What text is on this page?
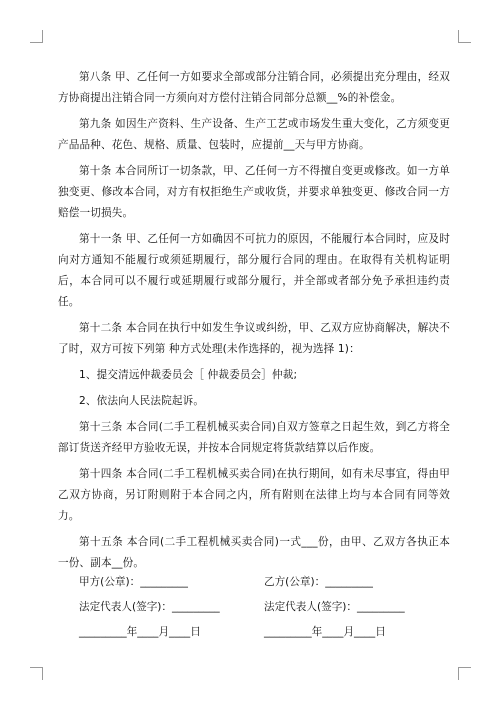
第八条 甲、乙任何一方如要求全部或部分注销合同，必须提出充分理由，经双方协商提出注销合同一方须向对方偿付注销合同部分总额__%的补偿金。

第九条 如因生产资料、生产设备、生产工艺或市场发生重大变化，乙方须变更产品品种、花色、规格、质量、包装时，应提前__天与甲方协商。

第十条 本合同所订一切条款，甲、乙任何一方不得擅自变更或修改。如一方单独变更、修改本合同，对方有权拒绝生产或收货，并要求单独变更、修改合同一方赔偿一切损失。

第十一条 甲、乙任何一方如确因不可抗力的原因，不能履行本合同时，应及时向对方通知不能履行或须延期履行，部分履行合同的理由。在取得有关机构证明后，本合同可以不履行或延期履行或部分履行，并全部或者部分免予承担违约责任。

第十二条 本合同在执行中如发生争议或纠纷，甲、乙双方应协商解决，解决不了时，双方可按下列第 种方式处理(未作选择的，视为选择 1)：

1、提交清远仲裁委员会［ 仲裁委员会］仲裁;

2、依法向人民法院起诉。

第十三条 本合同(二手工程机械买卖合同)自双方签章之日起生效，到乙方将全部订货送齐经甲方验收无误，并按本合同规定将货款结算以后作废。

第十四条 本合同(二手工程机械买卖合同)在执行期间，如有未尽事宜，得由甲乙双方协商，另订附则附于本合同之内，所有附则在法律上均与本合同有同等效力。

第十五条 本合同(二手工程机械买卖合同)一式___份，由甲、乙双方各执正本一份、副本__份。

甲方(公章)：_________	乙方(公章)：_________
法定代表人(签字)：_________	法定代表人(签字)：_________
_________年____月____日	_________年____月____日
